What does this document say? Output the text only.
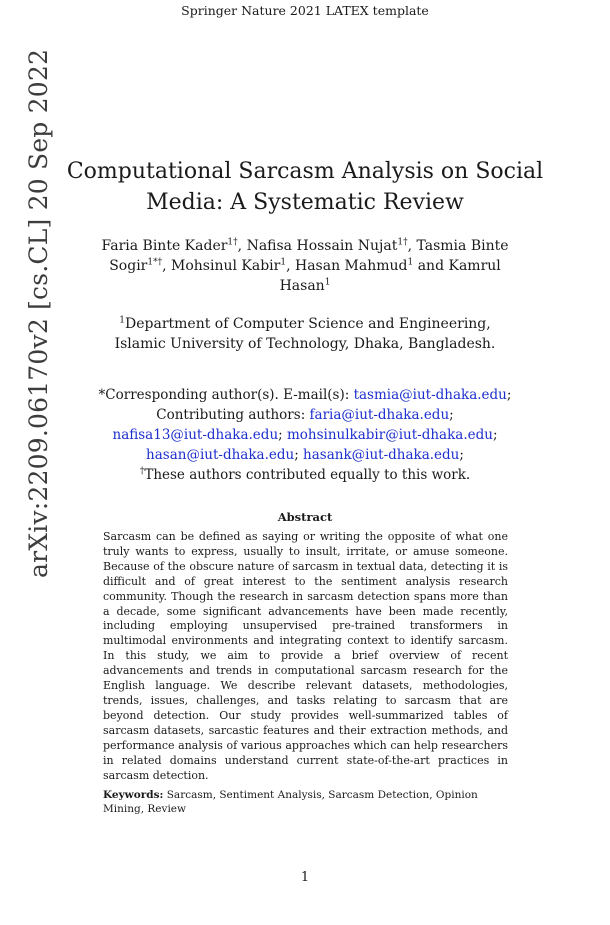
Springer Nature 2021 LATEX template
arXiv:2209.06170v2 [cs.CL] 20 Sep 2022 Computational Sarcasm Analysis on Social
Media: A Systematic Review
Faria Binte Kader$^{1\dagger}$, Nafisa Hossain Nujat$^{1\dagger}$, Tasmia Binte Sogir$^{1*\dagger}$, Mohsinul Kabir$^1$, Hasan Mahmud$^1$ and Kamrul Hasan$^1$
$^1$Department of Computer Science and Engineering, Islamic University of Technology, Dhaka, Bangladesh.
*Corresponding author(s). E-mail(s): tasmia@iut-dhaka.edu;
Contributing authors: faria@iut-dhaka.edu;
nafisa13@iut-dhaka.edu; mohsinulkabir@iut-dhaka.edu;
hasan@iut-dhaka.edu; hasank@iut-dhaka.edu;
†These authors contributed equally to this work.
Abstract
Sarcasm can be defined as saying or writing the opposite of what one truly wants to express, usually to insult, irritate, or amuse someone. Because of the obscure nature of sarcasm in textual data, detecting it is difficult and of great interest to the sentiment analysis research community. Though the research in sarcasm detection spans more than a decade, some significant advancements have been made recently, including employing unsupervised pre-trained transformers in multimodal environments and integrating context to identify sarcasm. In this study, we aim to provide a brief overview of recent advancements and trends in computational sarcasm research for the English language. We describe relevant datasets, methodologies, trends, issues, challenges, and tasks relating to sarcasm that are beyond detection. Our study provides well-summarized tables of sarcasm datasets, sarcastic features and their extraction methods, and performance analysis of various approaches which can help researchers in related domains understand current state-of-the-art practices in sarcasm detection.
Keywords: Sarcasm, Sentiment Analysis, Sarcasm Detection, Opinion Mining, Review
1
